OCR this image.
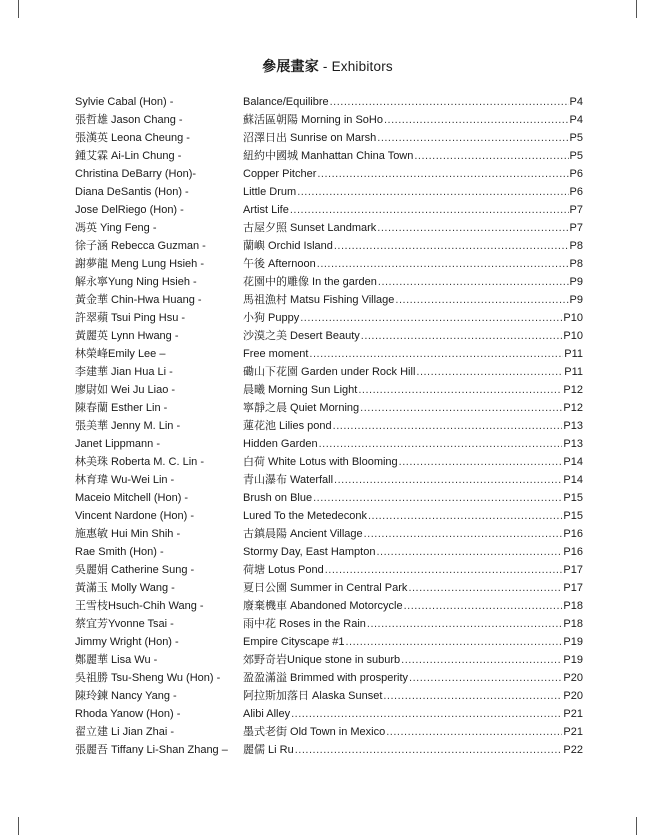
參展畫家 - Exhibitors
Sylvie Cabal (Hon) -	Balance/Equilibre .....	P4
張哲雄 Jason Chang -	蘇活區朝陽 Morning in SoHo .....	P4
張漢英 Leona Cheung -	沼澤日出 Sunrise on Marsh .....	P5
鍾艾霖 Ai-Lin Chung -	紐約中國城 Manhattan China Town .....	P5
Christina DeBarry (Hon)-	Copper Pitcher .....	P6
Diana DeSantis (Hon) -	Little Drum .....	P6
Jose DelRiego (Hon) -	Artist Life .....	P7
馮英 Ying Feng -	古屋夕照 Sunset Landmark .....	P7
徐子涵 Rebecca Guzman -	蘭嶼 Orchid Island .....	P8
謝夢龍 Meng Lung Hsieh -	午後 Afternoon .....	P8
解永寧Yung Ning Hsieh -	花園中的雕像 In the garden .....	P9
黃金華 Chin-Hwa Huang -	馬祖漁村 Matsu Fishing Village .....	P9
許翠蘋 Tsui Ping Hsu -	小狗 Puppy .....	P10
黃麗英 Lynn Hwang -	沙漠之美 Desert Beauty .....	P10
林榮峰Emily Lee –	Free moment .....	P11
李建華 Jian Hua Li -	磡山下花園 Garden under Rock Hill .....	P11
廖尉如 Wei Ju Liao -	晨曦 Morning Sun Light .....	P12
陳春蘭 Esther Lin -	寧靜之晨 Quiet Morning .....	P12
張美華 Jenny M. Lin -	蓮花池 Lilies pond .....	P13
Janet Lippmann -	Hidden Garden .....	P13
林美珠 Roberta M. C. Lin -	白荷 White Lotus with Blooming .....	P14
林育瑋 Wu-Wei Lin -	青山瀑布 Waterfall .....	P14
Maceio Mitchell (Hon) -	Brush on Blue .....	P15
Vincent Nardone (Hon) -	Lured To the Metedeconk .....	P15
施惠敏 Hui Min Shih -	古鎮晨陽 Ancient Village .....	P16
Rae Smith (Hon) -	Stormy Day, East Hampton .....	P16
吳麗娟 Catherine Sung -	荷塘 Lotus Pond .....	P17
黃滿玉 Molly Wang -	夏日公園 Summer in Central Park .....	P17
王雪枝Hsuch-Chih Wang -	廢棄機車 Abandoned Motorcycle .....	P18
蔡宜芳Yvonne Tsai -	雨中花 Roses in the Rain .....	P18
Jimmy Wright (Hon) -	Empire Cityscape #1 .....	P19
鄭麗華 Lisa Wu -	郊野奇岩Unique stone in suburb .....	P19
吳祖勝 Tsu-Sheng Wu (Hon) -	盈盈滿溢 Brimmed with prosperity .....	P20
陳玲鍊 Nancy Yang -	阿拉斯加落日 Alaska Sunset .....	P20
Rhoda Yanow (Hon) -	Alibi Alley .....	P21
翟立建 Li Jian Zhai -	墨式老街 Old Town in Mexico .....	P21
張麗吾 Tiffany Li-Shan Zhang –	麗儒 Li Ru .....	P22
